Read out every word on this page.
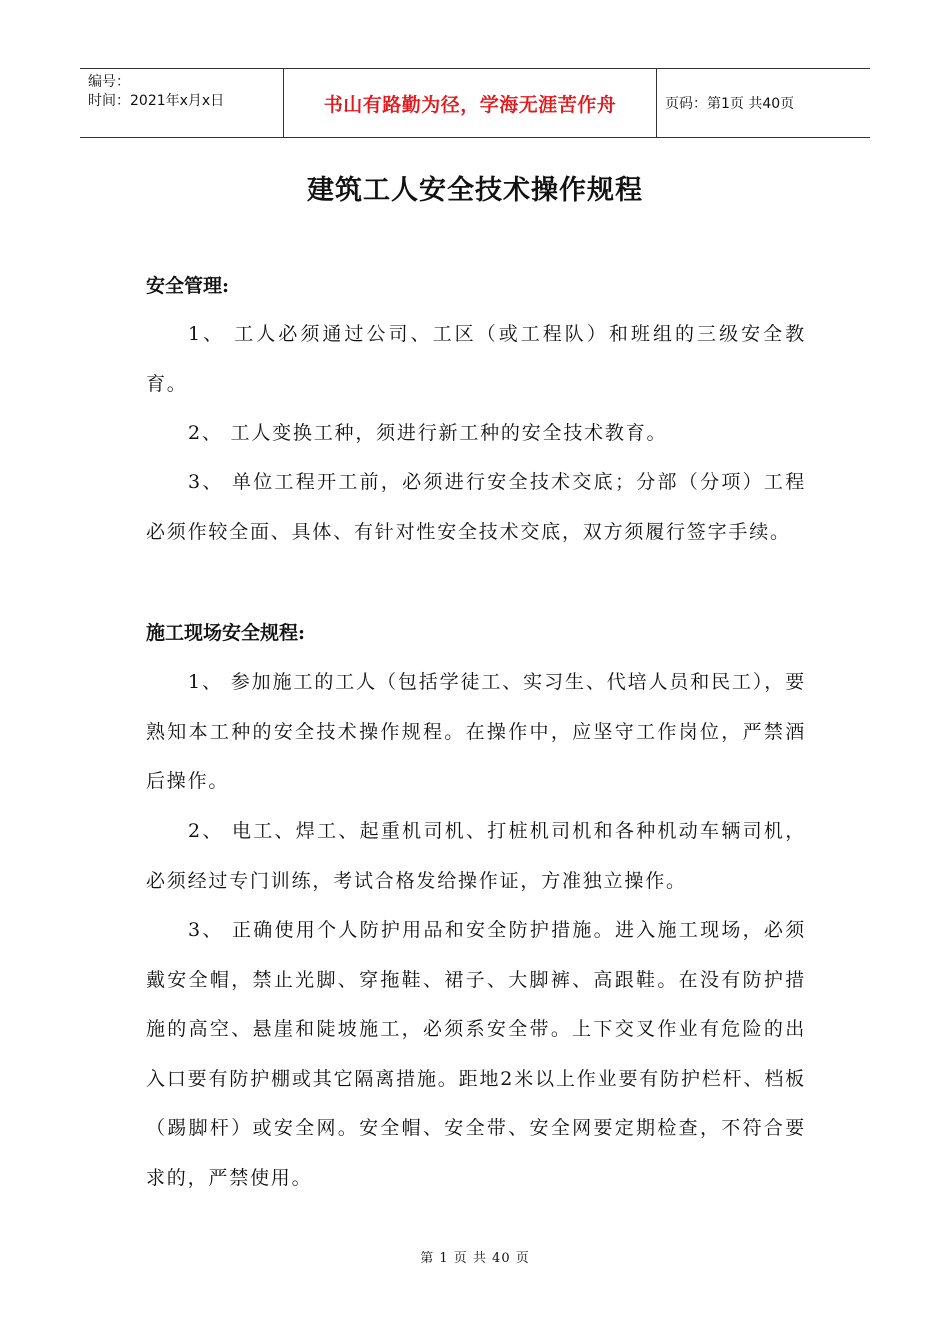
编号：
时间：2021年x月x日	书山有路勤为径，学海无涯苦作舟	页码：第1页 共40页
建筑工人安全技术操作规程
安全管理:

1、 工人必须通过公司、工区（或工程队）和班组的三级安全教育。

2、 工人变换工种，须进行新工种的安全技术教育。

3、 单位工程开工前，必须进行安全技术交底；分部（分项）工程必须作较全面、具体、有针对性安全技术交底，双方须履行签字手续。

施工现场安全规程:

1、 参加施工的工人（包括学徒工、实习生、代培人员和民工），要熟知本工种的安全技术操作规程。在操作中，应坚守工作岗位，严禁酒后操作。

2、 电工、焊工、起重机司机、打桩机司机和各种机动车辆司机，必须经过专门训练，考试合格发给操作证，方准独立操作。

3、 正确使用个人防护用品和安全防护措施。进入施工现场，必须戴安全帽，禁止光脚、穿拖鞋、裙子、大脚裤、高跟鞋。在没有防护措施的高空、悬崖和陡坡施工，必须系安全带。上下交叉作业有危险的出入口要有防护棚或其它隔离措施。距地2米以上作业要有防护栏杆、档板（踢脚杆）或安全网。安全帽、安全带、安全网要定期检查，不符合要求的，严禁使用。

第 1 页 共 40 页
